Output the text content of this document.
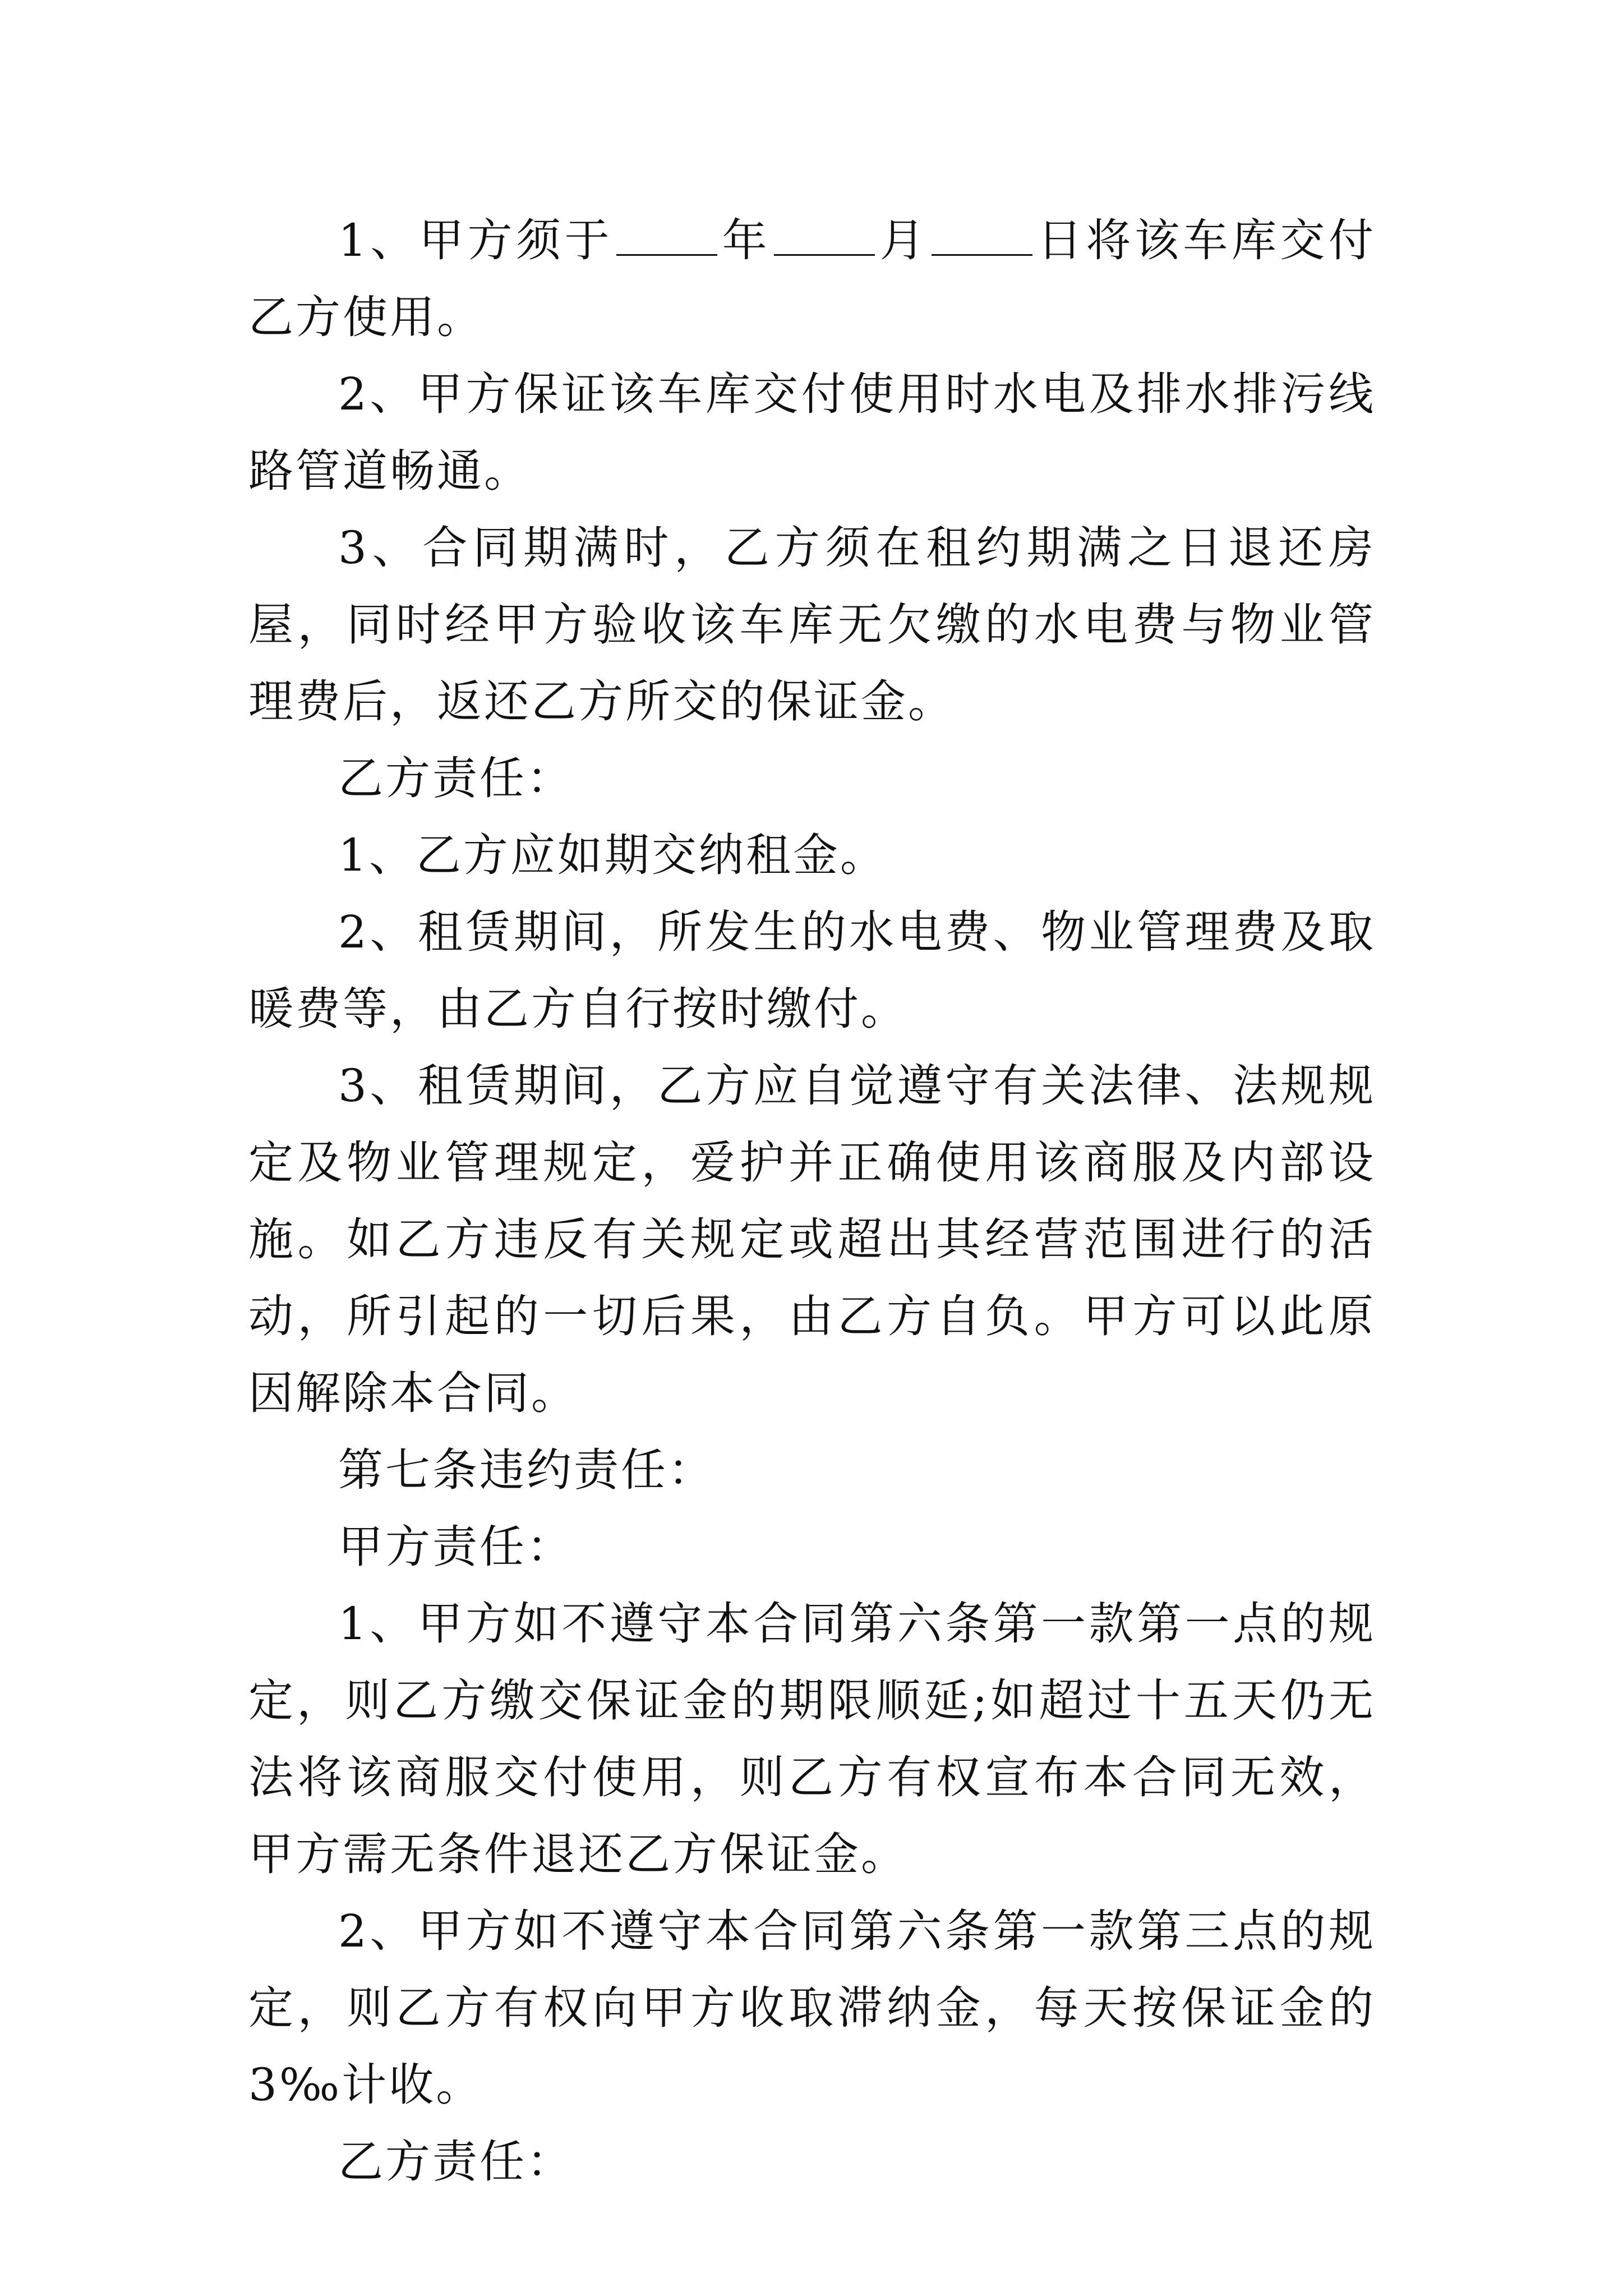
1、甲方须于 年 月 日将该车库交付乙方使用。

2、甲方保证该车库交付使用时水电及排水排污线路管道畅通。

3、合同期满时，乙方须在租约期满之日退还房屋，同时经甲方验收该车库无欠缴的水电费与物业管理费后，返还乙方所交的保证金。

乙方责任：

1、乙方应如期交纳租金。

2、租赁期间，所发生的水电费、物业管理费及取暖费等，由乙方自行按时缴付。

3、租赁期间，乙方应自觉遵守有关法律、法规规定及物业管理规定，爱护并正确使用该商服及内部设施。如乙方违反有关规定或超出其经营范围进行的活动，所引起的一切后果，由乙方自负。甲方可以此原因解除本合同。

第七条违约责任：

甲方责任：

1、甲方如不遵守本合同第六条第一款第一点的规定，则乙方缴交保证金的期限顺延;如超过十五天仍无法将该商服交付使用，则乙方有权宣布本合同无效，甲方需无条件退还乙方保证金。

2、甲方如不遵守本合同第六条第一款第三点的规定，则乙方有权向甲方收取滞纳金，每天按保证金的3‰计收。

乙方责任：
